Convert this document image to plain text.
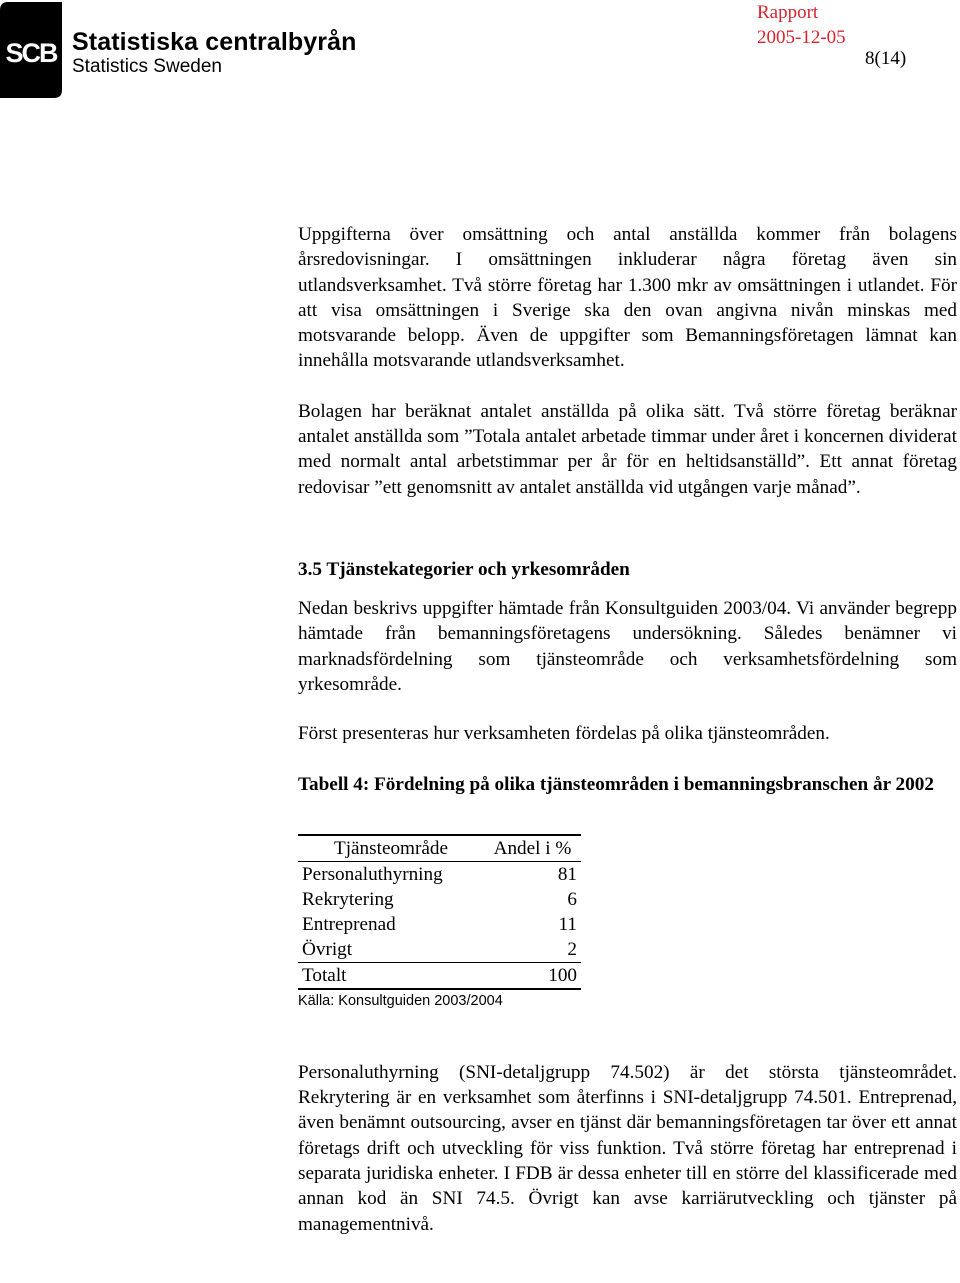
SCB Statistiska centralbyrån
Statistics Sweden
Rapport
2005-12-05
8(14)

Uppgifterna över omsättning och antal anställda kommer från bolagens årsredovisningar. I omsättningen inkluderar några företag även sin utlandsverksamhet. Två större företag har 1.300 mkr av omsättningen i utlandet. För att visa omsättningen i Sverige ska den ovan angivna nivån minskas med motsvarande belopp. Även de uppgifter som Bemanningsföretagen lämnat kan innehålla motsvarande utlandsverksamhet.

Bolagen har beräknat antalet anställda på olika sätt. Två större företag beräknar antalet anställda som ”Totala antalet arbetade timmar under året i koncernen dividerat med normalt antal arbetstimmar per år för en heltidsanställd”. Ett annat företag redovisar ”ett genomsnitt av antalet anställda vid utgången varje månad”.

3.5 Tjänstekategorier och yrkesområden

Nedan beskrivs uppgifter hämtade från Konsultguiden 2003/04. Vi använder begrepp hämtade från bemanningsföretagens undersökning. Således benämner vi marknadsfördelning som tjänsteområde och verksamhetsfördelning som yrkesområde.

Först presenteras hur verksamheten fördelas på olika tjänsteområden.

Tabell 4: Fördelning på olika tjänsteområden i bemanningsbranschen år 2002

Tjänsteområde	Andel i %
Personaluthyrning	81
Rekrytering	6
Entreprenad	11
Övrigt	2
Totalt	100
Källa: Konsultguiden 2003/2004

Personaluthyrning (SNI-detaljgrupp 74.502) är det största tjänsteområdet. Rekrytering är en verksamhet som återfinns i SNI-detaljgrupp 74.501. Entreprenad, även benämnt outsourcing, avser en tjänst där bemanningsföretagen tar över ett annat företags drift och utveckling för viss funktion. Två större företag har entreprenad i separata juridiska enheter. I FDB är dessa enheter till en större del klassificerade med annan kod än SNI 74.5. Övrigt kan avse karriärutveckling och tjänster på managementnivå.
